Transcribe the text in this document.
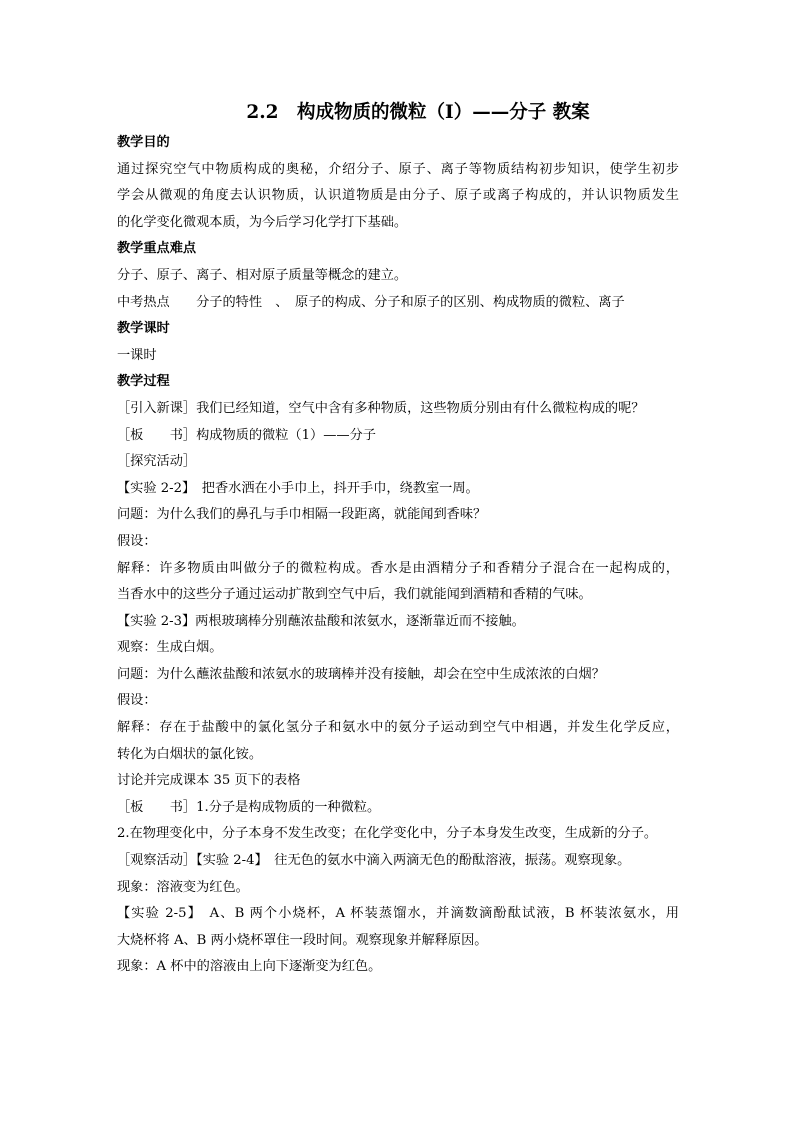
2.2　构成物质的微粒（Ⅰ）——分子 教案
教学目的
通过探究空气中物质构成的奥秘，介绍分子、原子、离子等物质结构初步知识，使学生初步
学会从微观的角度去认识物质，认识道物质是由分子、原子或离子构成的，并认识物质发生
的化学变化微观本质，为今后学习化学打下基础。
教学重点难点
分子、原子、离子、相对原子质量等概念的建立。
中考热点　　分子的特性　、　原子的构成、分子和原子的区别、构成物质的微粒、离子
教学课时
一课时
教学过程
［引入新课］我们已经知道，空气中含有多种物质，这些物质分别由有什么微粒构成的呢？
［板　　书］构成物质的微粒（1）——分子
［探究活动］
【实验 2-2】　把香水洒在小手巾上，抖开手巾，绕教室一周。
问题：为什么我们的鼻孔与手巾相隔一段距离，就能闻到香味？
假设：
解释：许多物质由叫做分子的微粒构成。香水是由酒精分子和香精分子混合在一起构成的，
当香水中的这些分子通过运动扩散到空气中后，我们就能闻到酒精和香精的气味。
【实验 2-3】两根玻璃棒分别蘸浓盐酸和浓氨水，逐渐靠近而不接触。
观察：生成白烟。
问题：为什么蘸浓盐酸和浓氨水的玻璃棒并没有接触，却会在空中生成浓浓的白烟？
假设：
解释：存在于盐酸中的氯化氢分子和氨水中的氨分子运动到空气中相遇，并发生化学反应，
转化为白烟状的氯化铵。
讨论并完成课本 35 页下的表格
［板　　书］1.分子是构成物质的一种微粒。
2.在物理变化中，分子本身不发生改变；在化学变化中，分子本身发生改变，生成新的分子。
［观察活动］【实验 2-4】　往无色的氨水中滴入两滴无色的酚酞溶液，振荡。观察现象。
现象：溶液变为红色。
【实验 2-5】　A、B 两个小烧杯，A 杯装蒸馏水，并滴数滴酚酞试液，B 杯装浓氨水，用
大烧杯将 A、B 两小烧杯罩住一段时间。观察现象并解释原因。
现象：A 杯中的溶液由上向下逐渐变为红色。
